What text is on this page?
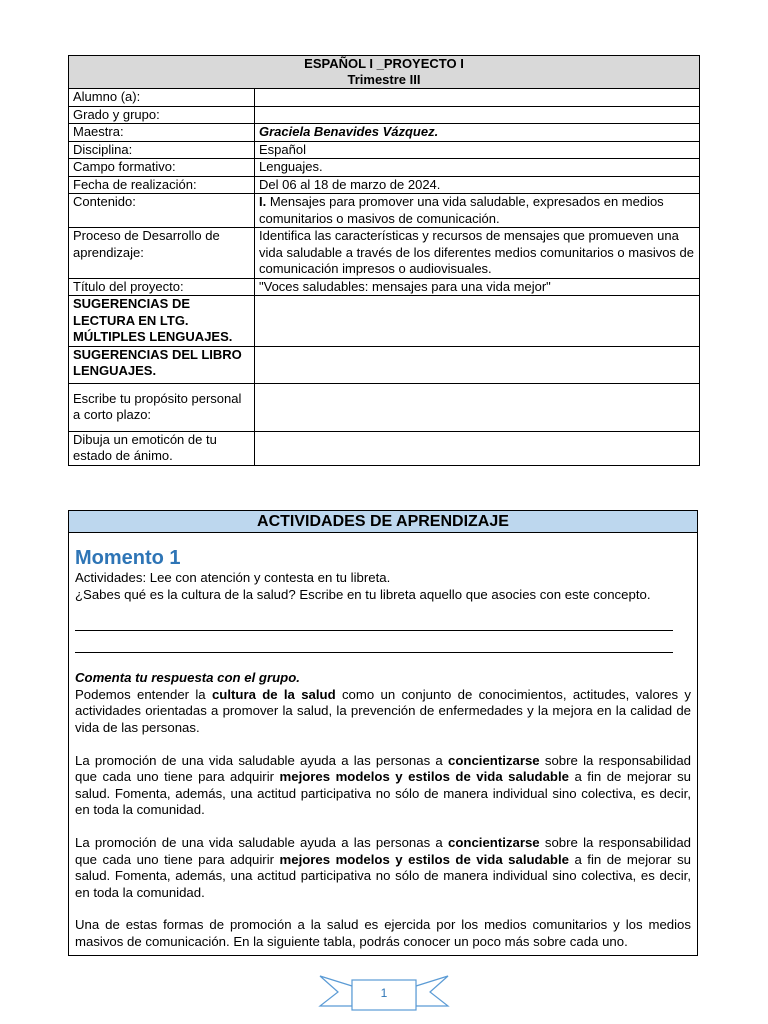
ESPAÑOL I _PROYECTO I
Trimestre III	

Alumno (a):	
Grado y grupo:	
Maestra:	Graciela Benavides Vázquez.
Disciplina:	Español
Campo formativo:	Lenguajes.
Fecha de realización:	Del 06 al 18 de marzo de 2024.
Contenido:	I. Mensajes para promover una vida saludable, expresados en medios comunitarios o masivos de comunicación.
Proceso de Desarrollo de aprendizaje:	Identifica las características y recursos de mensajes que promueven una vida saludable a través de los diferentes medios comunitarios o masivos de comunicación impresos o audiovisuales.
Título del proyecto:	"Voces saludables: mensajes para una vida mejor"
SUGERENCIAS DE LECTURA EN LTG. MÚLTIPLES LENGUAJES.	
SUGERENCIAS DEL LIBRO LENGUAJES.	
Escribe tu propósito personal a corto plazo:	
Dibuja un emoticón de tu estado de ánimo.	
ACTIVIDADES DE APRENDIZAJE
Momento 1

Actividades: Lee con atención y contesta en tu libreta.

¿Sabes qué es la cultura de la salud? Escribe en tu libreta aquello que asocies con este concepto.

Comenta tu respuesta con el grupo.

Podemos entender la cultura de la salud como un conjunto de conocimientos, actitudes, valores y actividades orientadas a promover la salud, la prevención de enfermedades y la mejora en la calidad de vida de las personas.

La promoción de una vida saludable ayuda a las personas a concientizarse sobre la responsabilidad que cada uno tiene para adquirir mejores modelos y estilos de vida saludable a fin de mejorar su salud. Fomenta, además, una actitud participativa no sólo de manera individual sino colectiva, es decir, en toda la comunidad.

La promoción de una vida saludable ayuda a las personas a concientizarse sobre la responsabilidad que cada uno tiene para adquirir mejores modelos y estilos de vida saludable a fin de mejorar su salud. Fomenta, además, una actitud participativa no sólo de manera individual sino colectiva, es decir, en toda la comunidad.

Una de estas formas de promoción a la salud es ejercida por los medios comunitarios y los medios masivos de comunicación. En la siguiente tabla, podrás conocer un poco más sobre cada uno.

1
